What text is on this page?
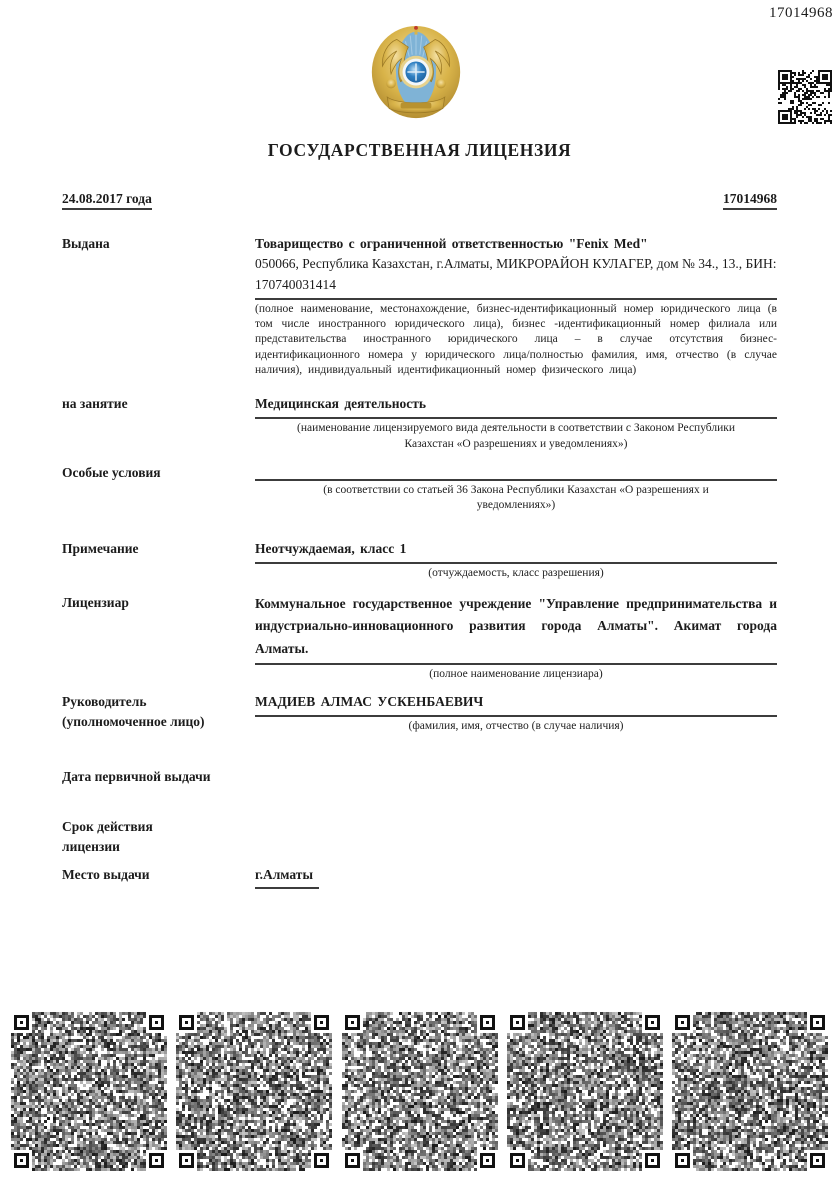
17014968
ГОСУДАРСТВЕННАЯ ЛИЦЕНЗИЯ
24.08.2017 года	17014968
Выдана	Товарищество с ограниченной ответственностью "Fenix Med"
050066, Республика Казахстан, г.Алматы, МИКРОРАЙОН КУЛАГЕР, дом № 34., 13., БИН: 170740031414
(полное наименование, местонахождение, бизнес-идентификационный номер юридического лица (в том числе иностранного юридического лица), бизнес -идентификационный номер филиала или представительства иностранного юридического лица – в случае отсутствия бизнес-идентификационного номера у юридического лица/полностью фамилия, имя, отчество (в случае наличия), индивидуальный идентификационный номер физического лица)
на занятие	Медицинская деятельность
(наименование лицензируемого вида деятельности в соответствии с Законом Республики Казахстан «О разрешениях и уведомлениях»)
Особые условия
(в соответствии со статьей 36 Закона Республики Казахстан «О разрешениях и уведомлениях»)
Примечание	Неотчуждаемая, класс 1
(отчуждаемость, класс разрешения)
Лицензиар	Коммунальное государственное учреждение "Управление предпринимательства и индустриально-инновационного развития города Алматы". Акимат города Алматы.
(полное наименование лицензиара)
Руководитель
(уполномоченное лицо)
МАДИЕВ АЛМАС УСКЕНБАЕВИЧ
(фамилия, имя, отчество (в случае наличия)
Дата первичной выдачи
Срок действия
лицензии
Место выдачи	г.Алматы
